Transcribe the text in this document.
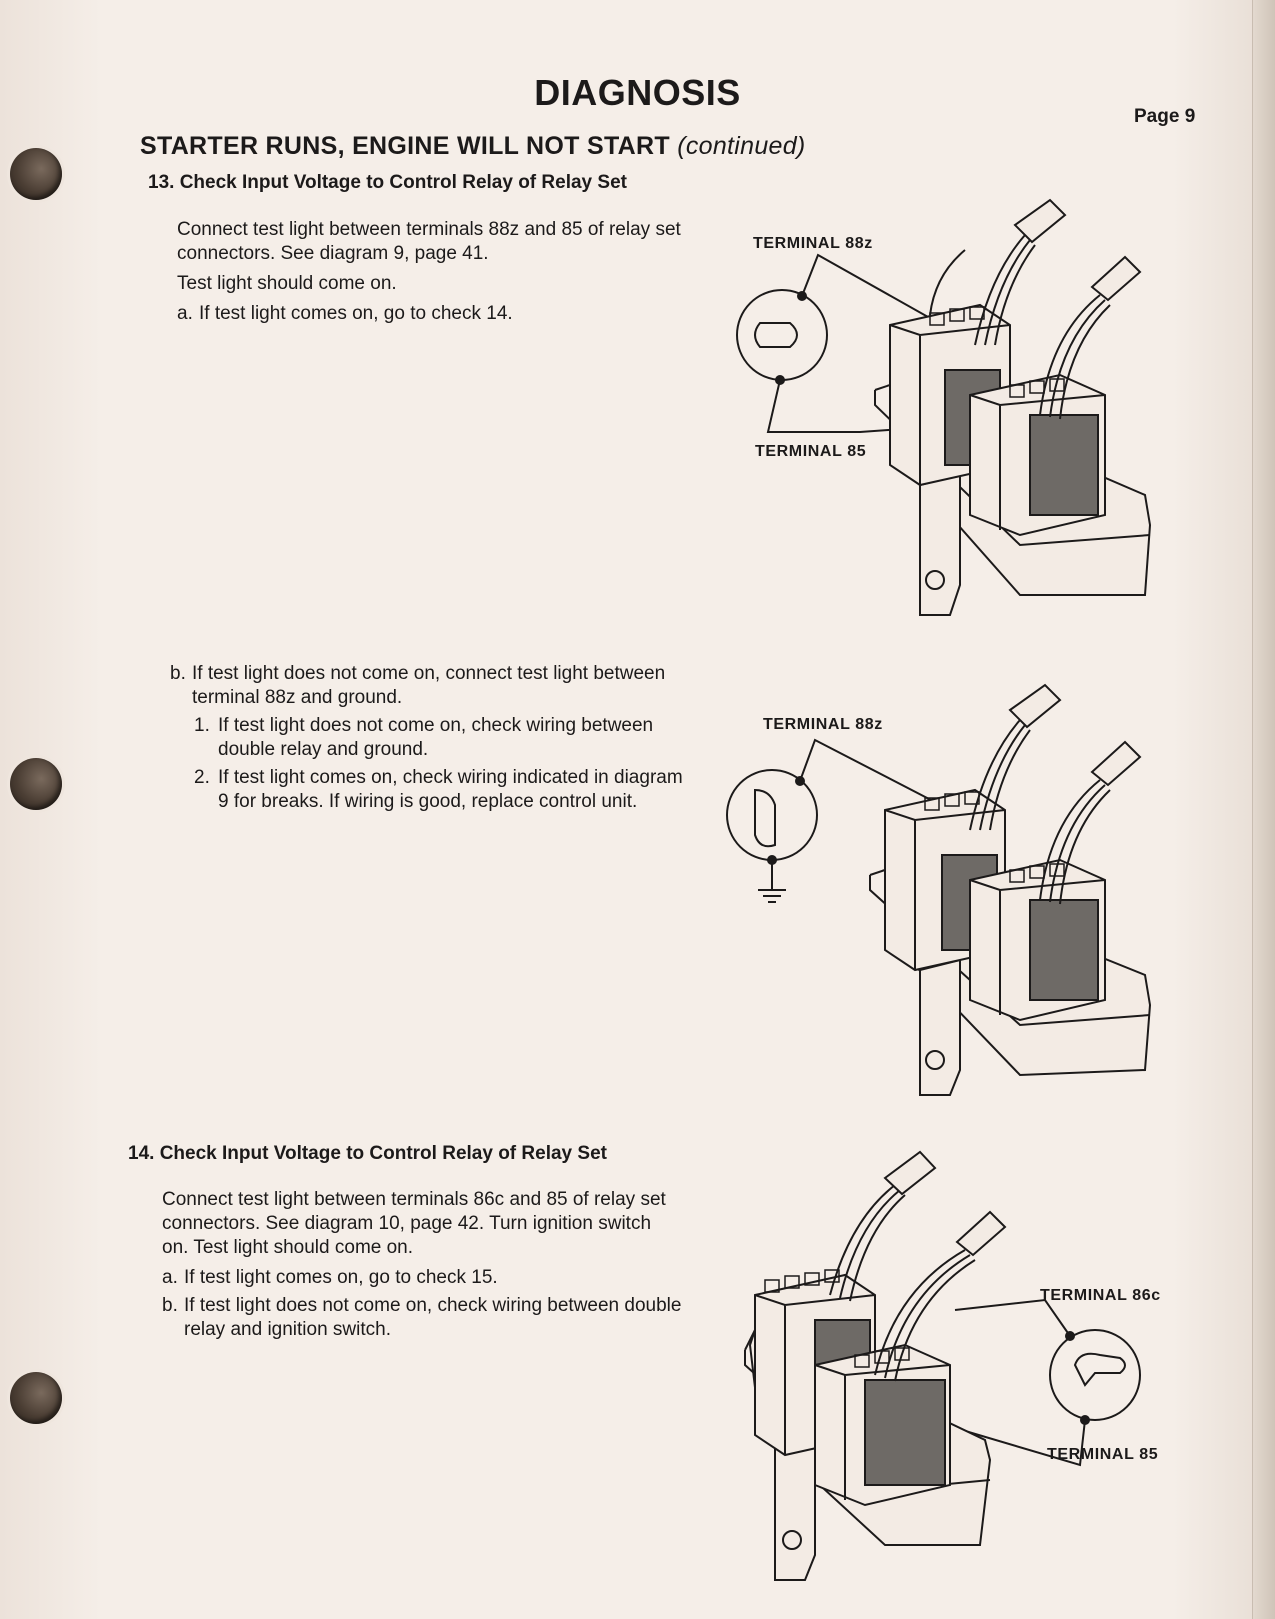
DIAGNOSIS
Page 9
STARTER RUNS, ENGINE WILL NOT START (continued)
13. Check Input Voltage to Control Relay of Relay Set

Connect test light between terminals 88z and 85 of relay set connectors. See diagram 9, page 41.

Test light should come on.

a. If test light comes on, go to check 14.
b. If test light does not come on, connect test light between terminal 88z and ground.
1. If test light does not come on, check wiring between double relay and ground.
2. If test light comes on, check wiring indicated in diagram 9 for breaks. If wiring is good, replace control unit.
14. Check Input Voltage to Control Relay of Relay Set

Connect test light between terminals 86c and 85 of relay set connectors. See diagram 10, page 42. Turn ignition switch on. Test light should come on.

a. If test light comes on, go to check 15.
b. If test light does not come on, check wiring between double relay and ignition switch.
TERMINAL 88z
TERMINAL 85
TERMINAL 88z
TERMINAL 86c
TERMINAL 85
